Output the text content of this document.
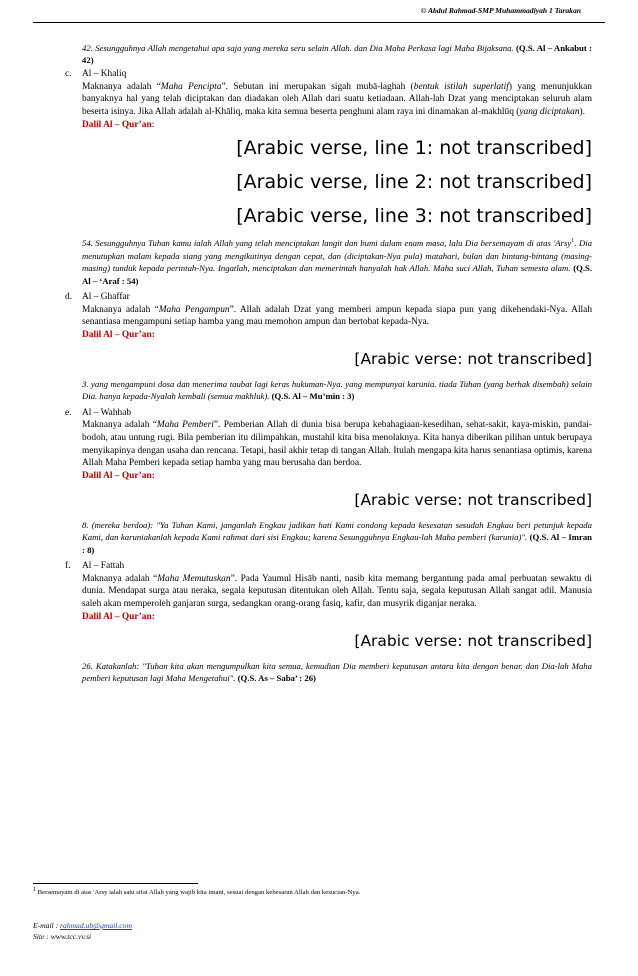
© Abdul Rahmad-SMP Muhammadiyah 1 Tarakan

42. Sesungguhnya Allah mengetahui apa saja yang mereka seru selain Allah. dan Dia Maha Perkasa lagi Maha Bijaksana. (Q.S. Al – Ankabut : 42)

c. Al – Khaliq

Maknanya adalah “Maha Pencipta”. Sebutan ini merupakan sigah mubā-laghah (bentuk istilah superlatif) yang menunjukkan banyaknya hal yang telah diciptakan dan diadakan oleh Allah dari suatu ketiadaan. Allah-lah Dzat yang menciptakan seluruh alam beserta isinya. Jika Allah adalah al-Khāliq, maka kita semua beserta penghuni alam raya ini dinamakan al-makhlūq (yang diciptakan).

Dalil Al – Qur’an:

[Arabic verse, line 1: not transcribed]
[Arabic verse, line 2: not transcribed]
[Arabic verse, line 3: not transcribed]

54. Sesungguhnya Tuhan kamu ialah Allah yang telah menciptakan langit dan bumi dalam enam masa, lalu Dia bersemayam di atas 'Arsy$^1$. Dia menutupkan malam kepada siang yang mengikutinya dengan cepat, dan (diciptakan-Nya pula) matahari, bulan dan bintang-bintang (masing-masing) tunduk kepada perintah-Nya. Ingatlah, menciptakan dan memerintah hanyalah hak Allah. Maha suci Allah, Tuhan semesta alam. (Q.S. Al – ‘Araf : 54)

d. Al – Ghaffar

Maknanya adalah “Maha Pengampun”. Allah adalah Dzat yang memberi ampun kepada siapa pun yang dikehendaki-Nya. Allah senantiasa mengampuni setiap hamba yang mau memohon ampun dan bertobat kepada-Nya.

Dalil Al – Qur’an:

[Arabic verse: not transcribed]

3. yang mengampuni dosa dan menerima taubat lagi keras hukuman-Nya. yang mempunyai karunia. tiada Tuhan (yang berhak disembah) selain Dia. hanya kepada-Nyalah kembali (semua makhluk). (Q.S. Al – Mu’min : 3)

e. Al – Wahhab

Maknanya adalah “Maha Pemberi”. Pemberian Allah di dunia bisa berupa kebahagiaan-kesedihan, sehat-sakit, kaya-miskin, pandai-bodoh, atau untung rugi. Bila pemberian itu dilimpahkan, mustahil kita bisa menolaknya. Kita hanya diberikan pilihan untuk berupaya menyikapinya dengan usaha dan rencana. Tetapi, hasil akhir tetap di tangan Allah. Itulah mengapa kita harus senantiasa optimis, karena Allah Maha Pemberi kepada setiap hamba yang mau berusaha dan berdoa.

Dalil Al – Qur’an:

[Arabic verse: not transcribed]

8. (mereka berdoa): "Ya Tuhan Kami, janganlah Engkau jadikan hati Kami condong kepada kesesatan sesudah Engkau beri petunjuk kepada Kami, dan karuniakanlah kepada Kami rahmat dari sisi Engkau; karena Sesungguhnya Engkau-lah Maha pemberi (karunia)". (Q.S. Al – Imran : 8)

f. Al – Fattah

Maknanya adalah “Maha Memutuskan”. Pada Yaumul Hisāb nanti, nasib kita memang bergantung pada amal perbuatan sewaktu di dunia. Mendapat surga atau neraka, segala keputusan ditentukan oleh Allah. Tentu saja, segala keputusan Allah sangat adil. Manusia saleh akan memperoleh ganjaran surga, sedangkan orang-orang fasiq, kafir, dan musyrik diganjar neraka.

Dalil Al – Qur’an:

[Arabic verse: not transcribed]

26. Katakanlah: "Tuhan kita akan mengumpulkan kita semua, kemudian Dia memberi keputusan antara kita dengan benar. dan Dia-lah Maha pemberi keputusan lagi Maha Mengetahui". (Q.S. As – Saba’ : 26)

1 Bersemayam di atas 'Arsy ialah satu sifat Allah yang wajib kita imani, sesuai dengan kebesaran Allah dan kesucian-Nya.
E-mail : rahmad.ub@gmail.com
Site : www.tcc.vv.si
